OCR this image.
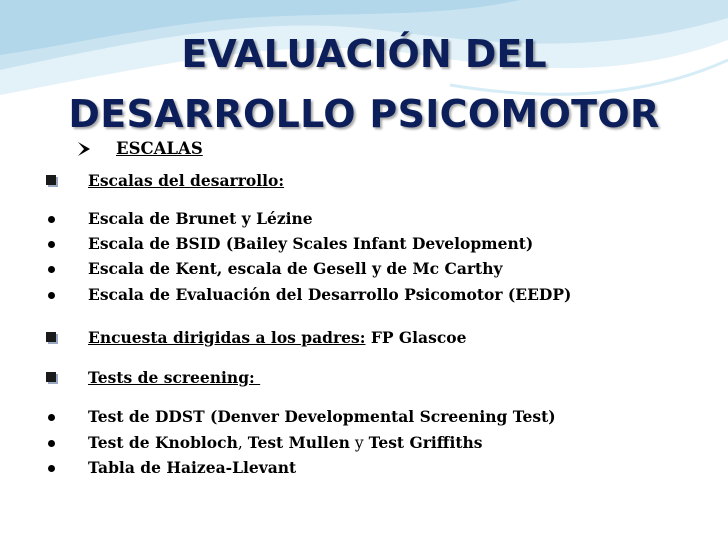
EVALUACIÓN DEL
DESARROLLO PSICOMOTOR
ESCALAS
Escalas del desarrollo:
Escala de Brunet y Lézine
Escala de BSID (Bailey Scales Infant Development)
Escala de Kent, escala de Gesell y de Mc Carthy
Escala de Evaluación del Desarrollo Psicomotor (EEDP)
Encuesta dirigidas a los padres: FP Glascoe
Tests de screening:
Test de DDST (Denver Developmental Screening Test)
Test de Knobloch, Test Mullen y Test Griffiths
Tabla de Haizea-Llevant
